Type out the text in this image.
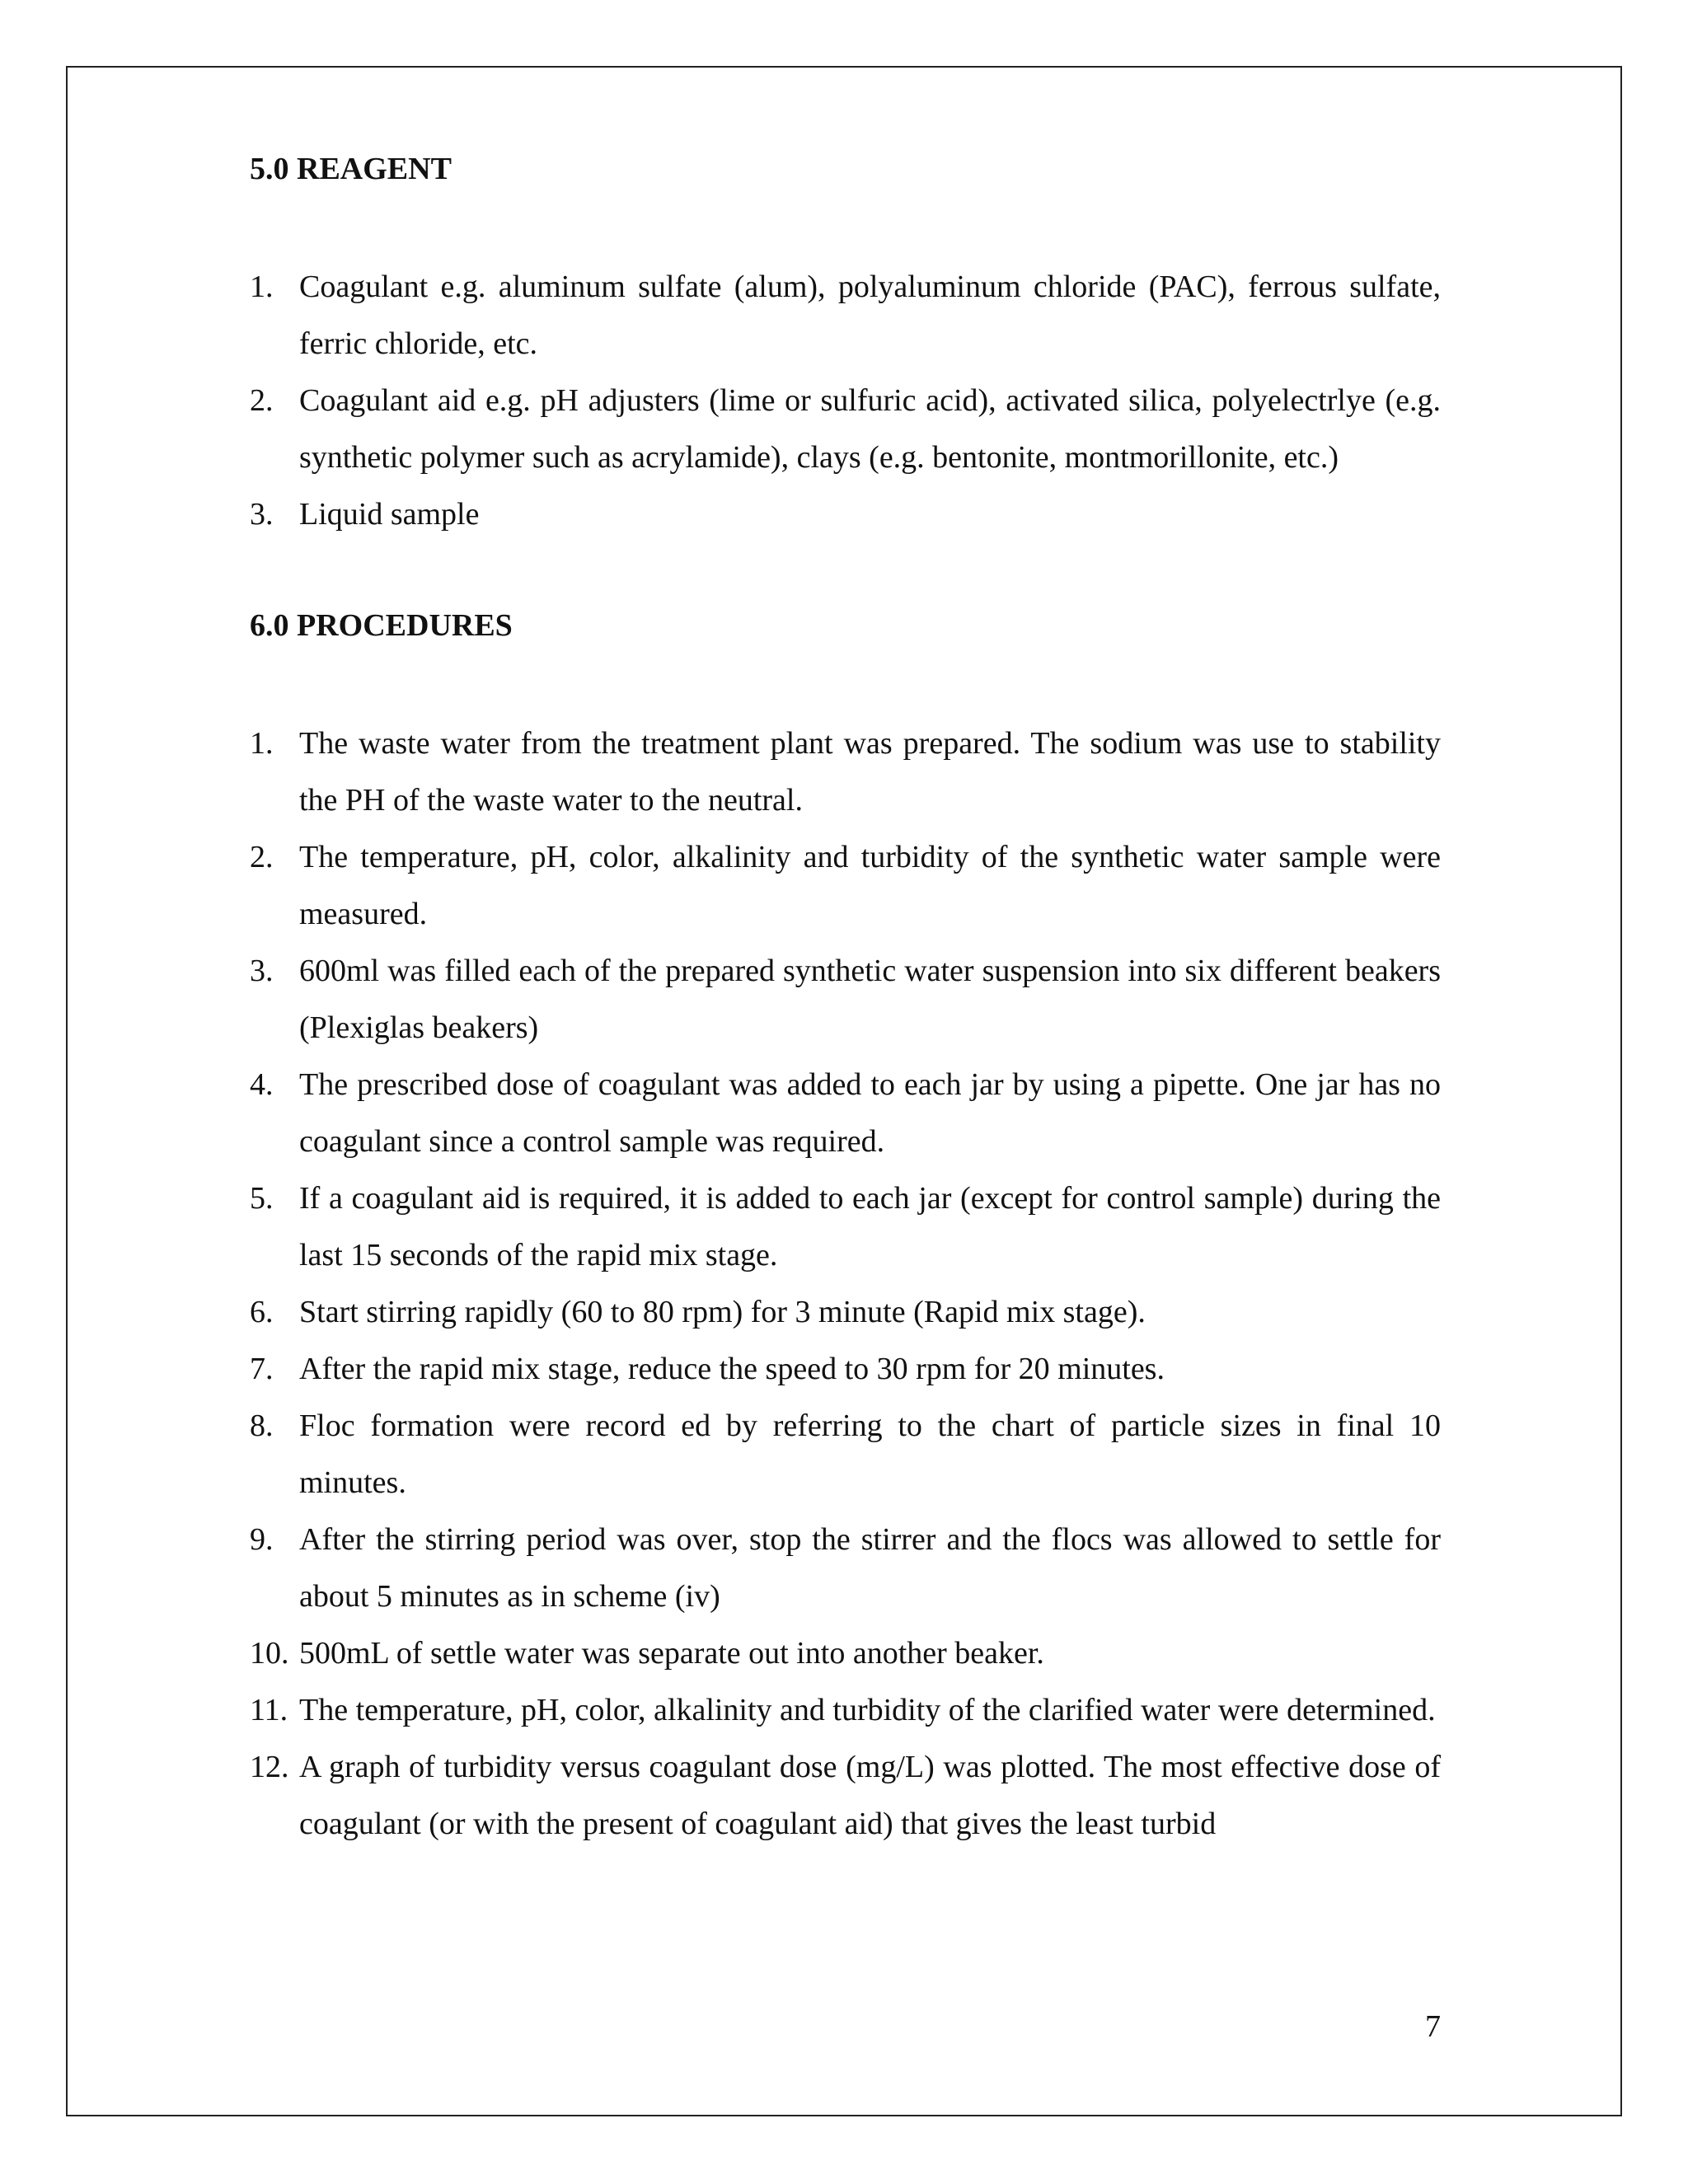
5.0 REAGENT
1. Coagulant e.g. aluminum sulfate (alum), polyaluminum chloride (PAC), ferrous sulfate, ferric chloride, etc.
2. Coagulant aid e.g. pH adjusters (lime or sulfuric acid), activated silica, polyelectrlye (e.g. synthetic polymer such as acrylamide), clays (e.g. bentonite, montmorillonite, etc.)
3. Liquid sample
6.0 PROCEDURES
1. The waste water from the treatment plant was prepared. The sodium was use to stability the PH of the waste water to the neutral.
2. The temperature, pH, color, alkalinity and turbidity of the synthetic water sample were measured.
3. 600ml was filled each of the prepared synthetic water suspension into six different beakers (Plexiglas beakers)
4. The prescribed dose of coagulant was added to each jar by using a pipette. One jar has no coagulant since a control sample was required.
5. If a coagulant aid is required, it is added to each jar (except for control sample) during the last 15 seconds of the rapid mix stage.
6. Start stirring rapidly (60 to 80 rpm) for 3 minute (Rapid mix stage).
7. After the rapid mix stage, reduce the speed to 30 rpm for 20 minutes.
8. Floc formation were record ed by referring to the chart of particle sizes in final 10 minutes.
9. After the stirring period was over, stop the stirrer and the flocs was allowed to settle for about 5 minutes as in scheme (iv)
10. 500mL of settle water was separate out into another beaker.
11. The temperature, pH, color, alkalinity and turbidity of the clarified water were determined.
12. A graph of turbidity versus coagulant dose (mg/L) was plotted. The most effective dose of coagulant (or with the present of coagulant aid) that gives the least turbid
7
